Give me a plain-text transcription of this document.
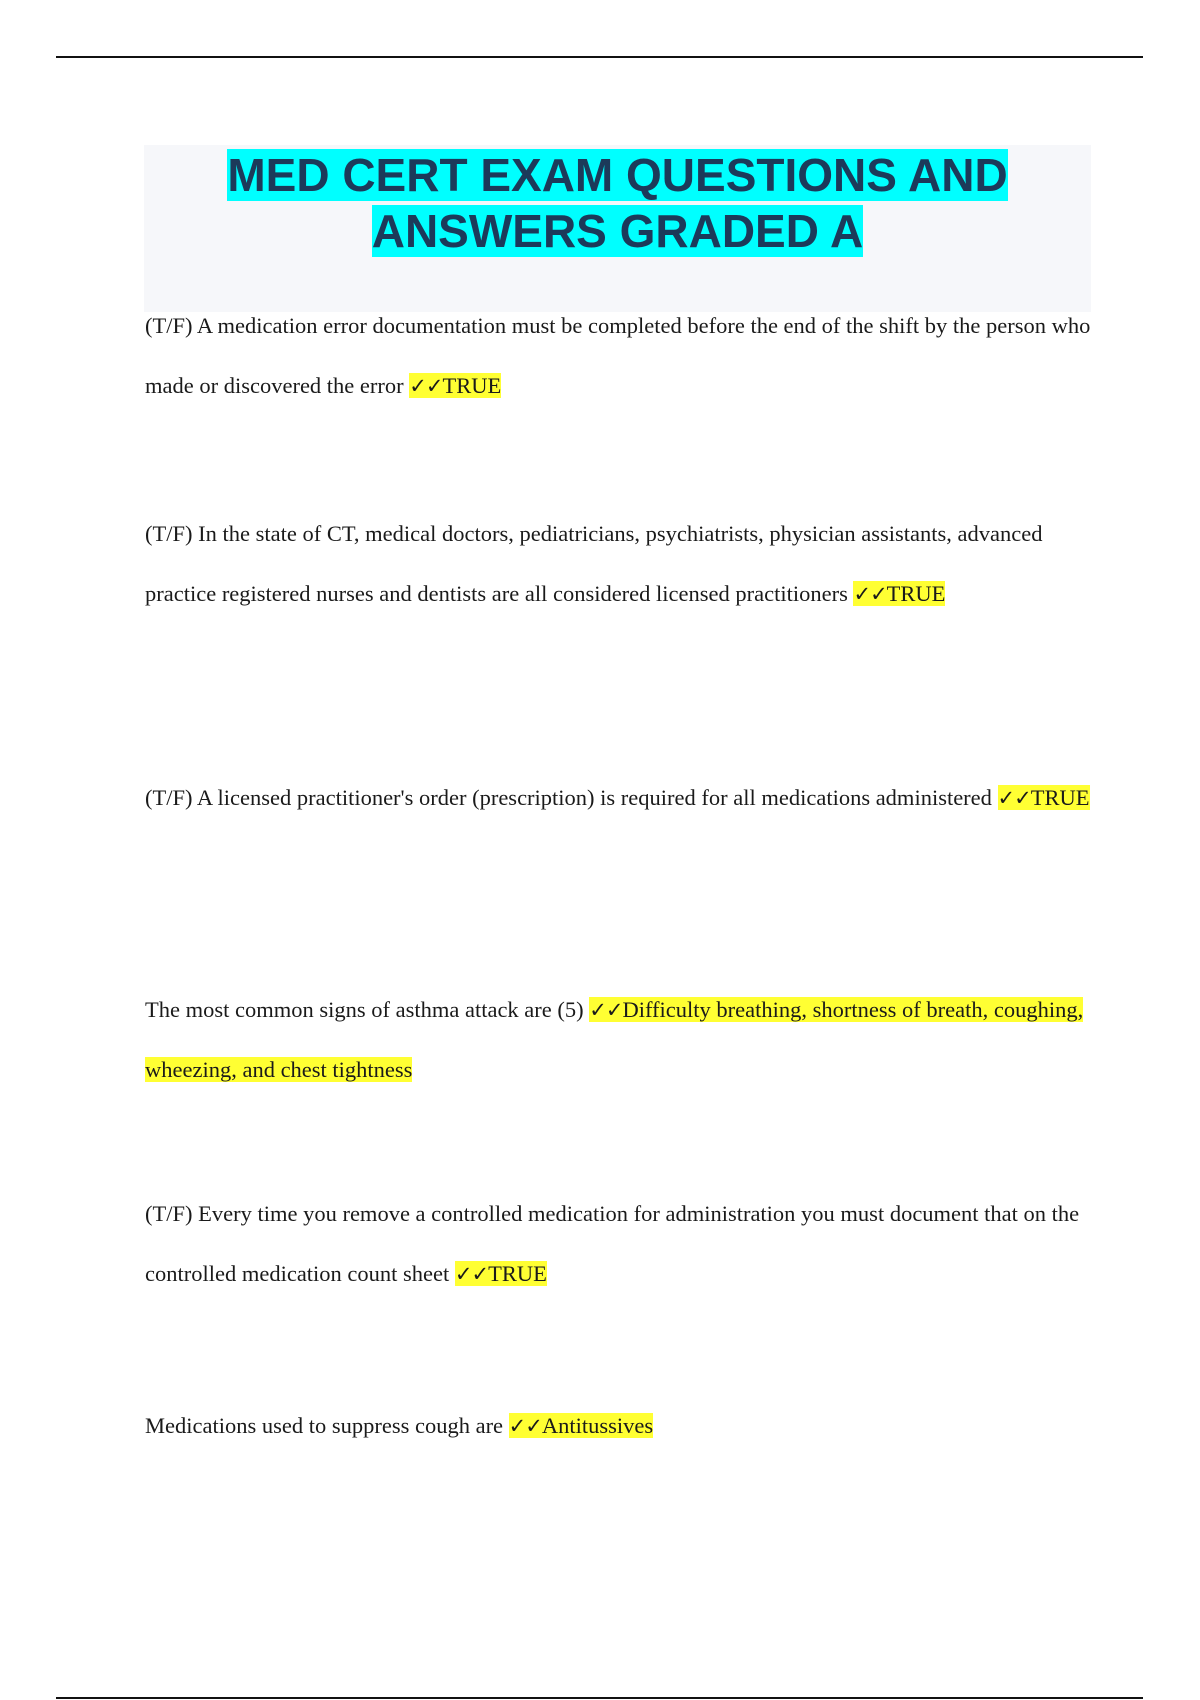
MED CERT EXAM QUESTIONS AND
ANSWERS GRADED A

(T/F) A medication error documentation must be completed before the end of the shift by the person who made or discovered the error ✓✓TRUE

(T/F) In the state of CT, medical doctors, pediatricians, psychiatrists, physician assistants, advanced practice registered nurses and dentists are all considered licensed practitioners ✓✓TRUE

(T/F) A licensed practitioner's order (prescription) is required for all medications administered ✓✓TRUE

The most common signs of asthma attack are (5) ✓✓Difficulty breathing, shortness of breath, coughing, wheezing, and chest tightness

(T/F) Every time you remove a controlled medication for administration you must document that on the controlled medication count sheet ✓✓TRUE

Medications used to suppress cough are ✓✓Antitussives
